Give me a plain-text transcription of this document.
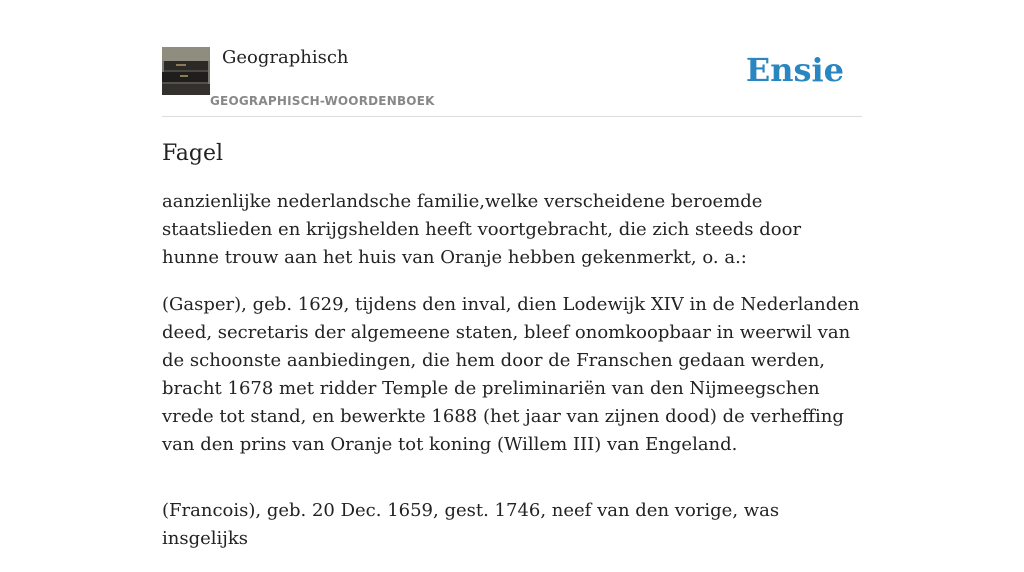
Geographisch
GEOGRAPHISCH-WOORDENBOEK
Ensie
Fagel

aanzienlijke nederlandsche familie,welke verscheidene beroemde staatslieden en krijgshelden heeft voortgebracht, die zich steeds door hunne trouw aan het huis van Oranje hebben gekenmerkt, o. a.:

(Gasper), geb. 1629, tijdens den inval, dien Lodewijk XIV in de Nederlanden deed, secretaris der algemeene staten, bleef onomkoopbaar in weerwil van de schoonste aanbiedingen, die hem door de Franschen gedaan werden, bracht 1678 met ridder Temple de preliminariën van den Nijmeegschen vrede tot stand, en bewerkte 1688 (het jaar van zijnen dood) de verheffing van den prins van Oranje tot koning (Willem III) van Engeland.

(Francois), geb. 20 Dec. 1659, gest. 1746, neef van den vorige, was insgelijks
